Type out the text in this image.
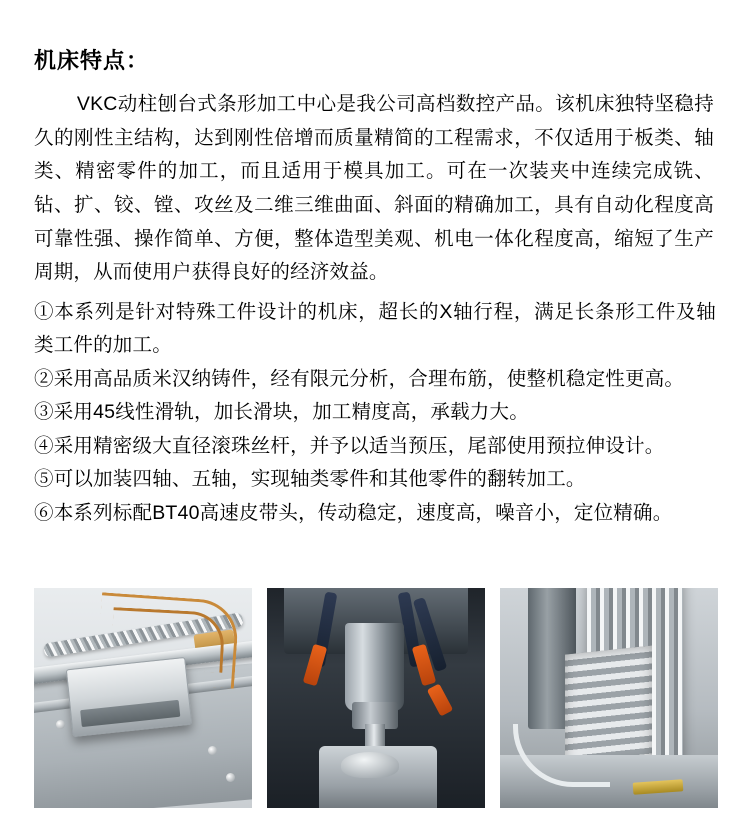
机床特点：

VKC动柱刨台式条形加工中心是我公司高档数控产品。该机床独特坚稳持久的刚性主结构，达到刚性倍增而质量精简的工程需求，不仅适用于板类、轴类、精密零件的加工，而且适用于模具加工。可在一次装夹中连续完成铣、钻、扩、铰、镗、攻丝及二维三维曲面、斜面的精确加工，具有自动化程度高可靠性强、操作简单、方便，整体造型美观、机电一体化程度高，缩短了生产周期，从而使用户获得良好的经济效益。

①本系列是针对特殊工件设计的机床，超长的X轴行程，满足长条形工件及轴类工件的加工。
②采用高品质米汉纳铸件，经有限元分析，合理布筋，使整机稳定性更高。
③采用45线性滑轨，加长滑块，加工精度高，承载力大。
④采用精密级大直径滚珠丝杆，并予以适当预压，尾部使用预拉伸设计。
⑤可以加装四轴、五轴，实现轴类零件和其他零件的翻转加工。
⑥本系列标配BT40高速皮带头，传动稳定，速度高，噪音小，定位精确。
